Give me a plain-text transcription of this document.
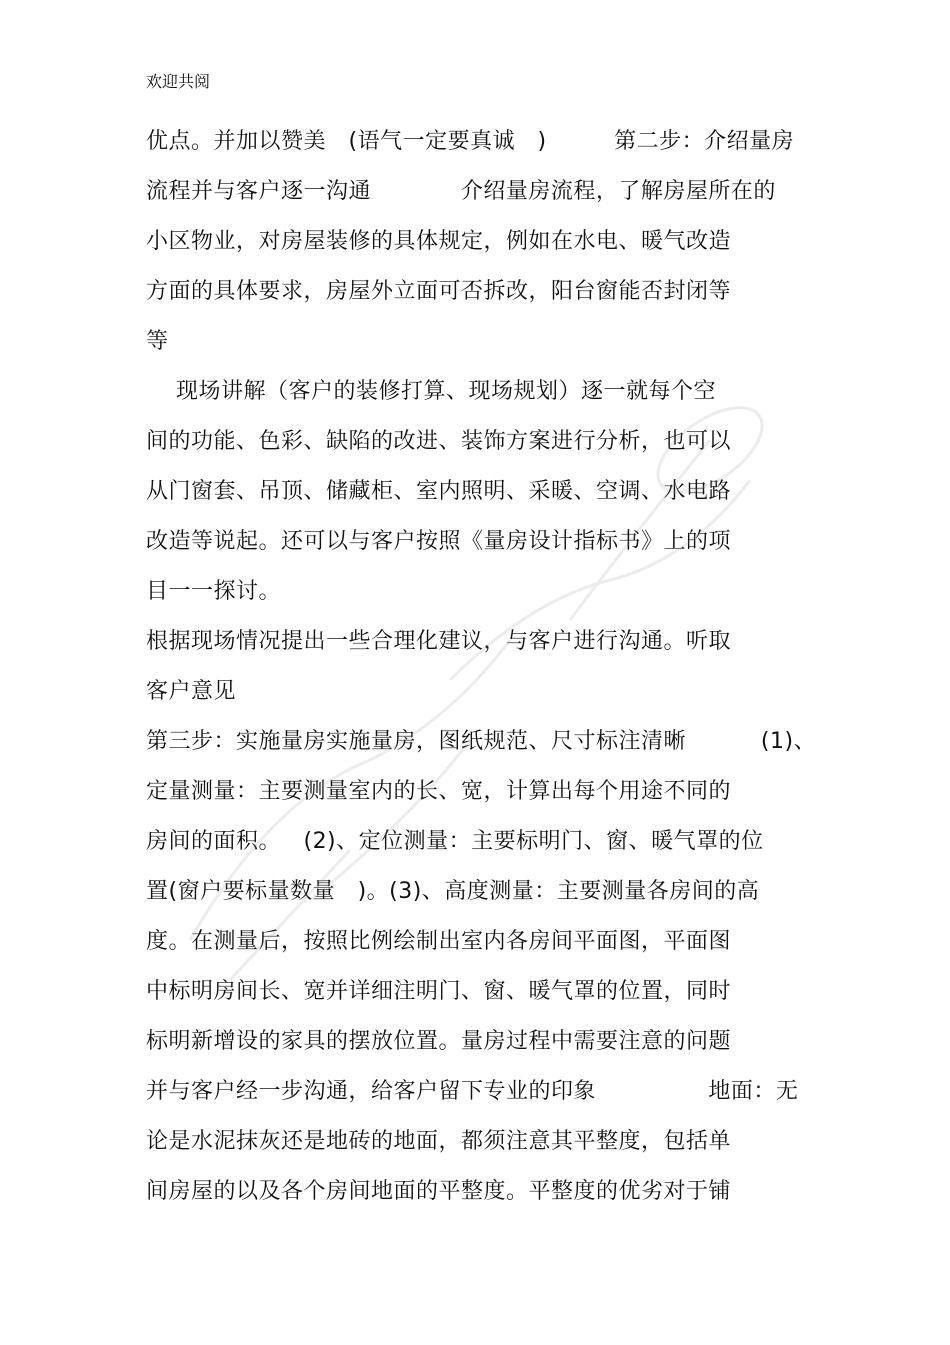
欢迎共阅
优点。并加以赞美   (语气一定要真诚   )         第二步：介绍量房
流程并与客户逐一沟通            介绍量房流程，了解房屋所在的
小区物业，对房屋装修的具体规定，例如在水电、暖气改造
方面的具体要求，房屋外立面可否拆改，阳台窗能否封闭等
等
现场讲解（客户的装修打算、现场规划）逐一就每个空
间的功能、色彩、缺陷的改进、装饰方案进行分析，也可以
从门窗套、吊顶、储藏柜、室内照明、采暖、空调、水电路
改造等说起。还可以与客户按照《量房设计指标书》上的项
目一一探讨。
根据现场情况提出一些合理化建议，与客户进行沟通。听取
客户意见
第三步：实施量房实施量房，图纸规范、尺寸标注清晰          (1)、
定量测量：主要测量室内的长、宽，计算出每个用途不同的
房间的面积。   (2)、定位测量：主要标明门、窗、暖气罩的位
置(窗户要标量数量   )。(3)、高度测量：主要测量各房间的高
度。在测量后，按照比例绘制出室内各房间平面图，平面图
中标明房间长、宽并详细注明门、窗、暖气罩的位置，同时
标明新增设的家具的摆放位置。量房过程中需要注意的问题
并与客户经一步沟通，给客户留下专业的印象               地面：无
论是水泥抹灰还是地砖的地面，都须注意其平整度，包括单
间房屋的以及各个房间地面的平整度。平整度的优劣对于铺
